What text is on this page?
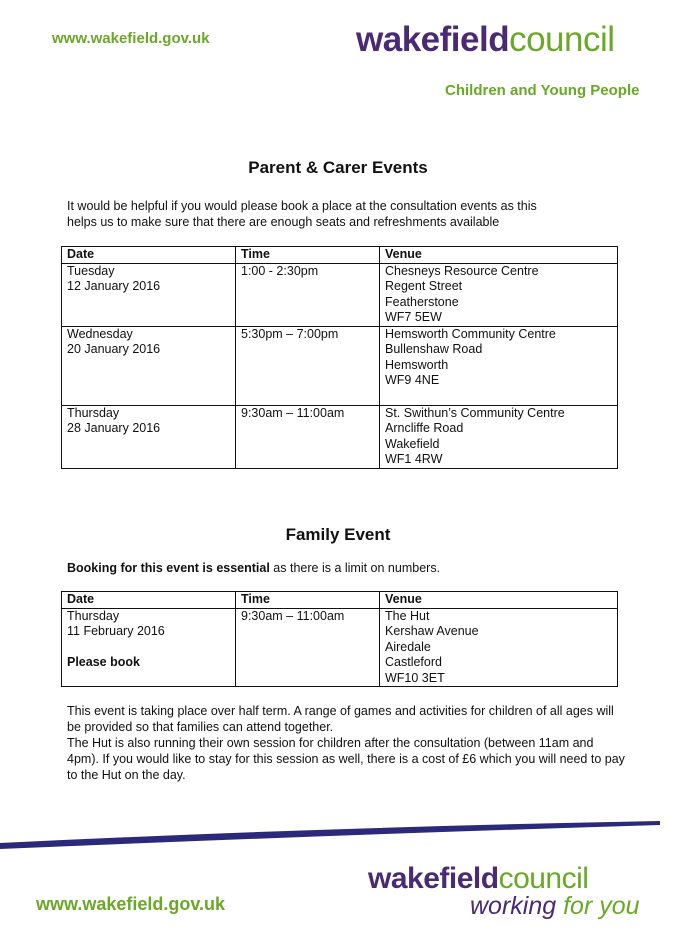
www.wakefield.gov.uk	wakefieldcouncil
Children and Young People
Parent & Carer Events
It would be helpful if you would please book a place at the consultation events as this
helps us to make sure that there are enough seats and refreshments available
Date	Time	Venue

Tuesday
12 January 2016	1:00 - 2:30pm	Chesneys Resource Centre
Regent Street
Featherstone
WF7 5EW

Wednesday
20 January 2016	5:30pm – 7:00pm	Hemsworth Community Centre
Bullenshaw Road
Hemsworth
WF9 4NE

Thursday
28 January 2016	9:30am – 11:00am	St. Swithun’s Community Centre
Arncliffe Road
Wakefield
WF1 4RW
Family Event
Booking for this event is essential as there is a limit on numbers.
Date	Time	Venue

Thursday
11 February 2016
Please book	9:30am – 11:00am	The Hut
Kershaw Avenue
Airedale
Castleford
WF10 3ET

This event is taking place over half term. A range of games and activities for children of all ages will be provided so that families can attend together.

The Hut is also running their own session for children after the consultation (between 11am and 4pm). If you would like to stay for this session as well, there is a cost of £6 which you will need to pay to the Hut on the day.

www.wakefield.gov.uk
wakefieldcouncil
working for you
